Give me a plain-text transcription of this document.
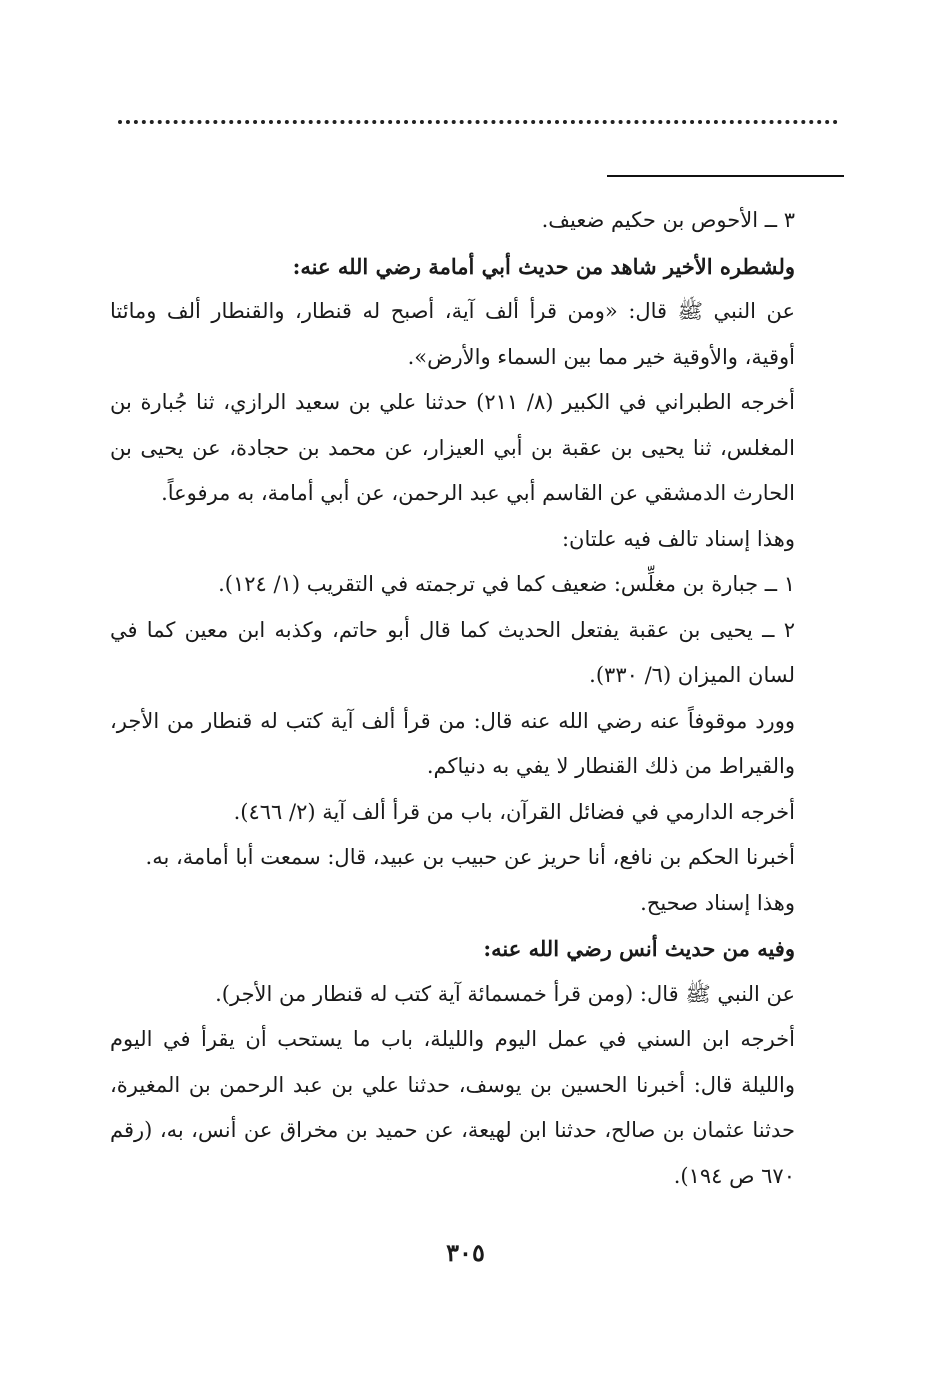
٣ ــ الأحوص بن حكيم ضعيف.

ولشطره الأخير شاهد من حديث أبي أمامة رضي الله عنه:

عن النبي ﷺ قال: «ومن قرأ ألف آية، أصبح له قنطار، والقنطار ألف ومائتا أوقية، والأوقية خير مما بين السماء والأرض».

أخرجه الطبراني في الكبير (٨/ ٢١١) حدثنا علي بن سعيد الرازي، ثنا جُبارة بن المغلس، ثنا يحيى بن عقبة بن أبي العيزار، عن محمد بن حجادة، عن يحيى بن الحارث الدمشقي عن القاسم أبي عبد الرحمن، عن أبي أمامة، به مرفوعاً.

وهذا إسناد تالف فيه علتان:

١ ــ جبارة بن مغلِّس: ضعيف كما في ترجمته في التقريب (١/ ١٢٤).

٢ ــ يحيى بن عقبة يفتعل الحديث كما قال أبو حاتم، وكذبه ابن معين كما في لسان الميزان (٦/ ٣٣٠).

وورد موقوفاً عنه رضي الله عنه قال: من قرأ ألف آية كتب له قنطار من الأجر، والقيراط من ذلك القنطار لا يفي به دنياكم.

أخرجه الدارمي في فضائل القرآن، باب من قرأ ألف آية (٢/ ٤٦٦).

أخبرنا الحكم بن نافع، أنا حريز عن حبيب بن عبيد، قال: سمعت أبا أمامة، به.

وهذا إسناد صحيح.

وفيه من حديث أنس رضي الله عنه:

عن النبي ﷺ قال: (ومن قرأ خمسمائة آية كتب له قنطار من الأجر).

أخرجه ابن السني في عمل اليوم والليلة، باب ما يستحب أن يقرأ في اليوم والليلة قال: أخبرنا الحسين بن يوسف، حدثنا علي بن عبد الرحمن بن المغيرة، حدثنا عثمان بن صالح، حدثنا ابن لهيعة، عن حميد بن مخراق عن أنس، به، (رقم ٦٧٠ ص ١٩٤).

٣٠٥
